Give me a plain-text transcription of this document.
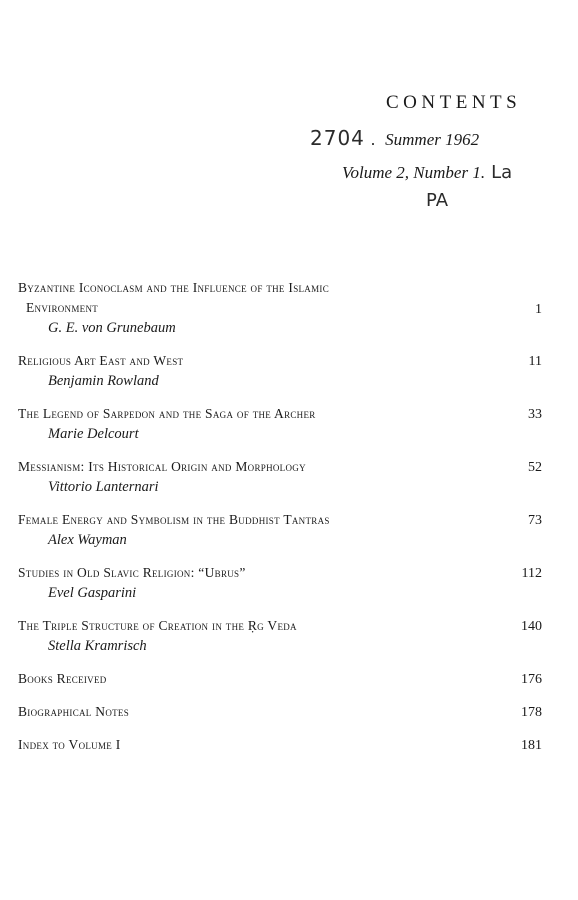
CONTENTS
2704 . Summer 1962
Volume 2, Number 1. La
PA
Byzantine Iconoclasm and the Influence of the Islamic
Environment	1
G. E. von Grunebaum
Religious Art East and West	11
Benjamin Rowland
The Legend of Sarpedon and the Saga of the Archer	33
Marie Delcourt
Messianism: Its Historical Origin and Morphology	52
Vittorio Lanternari
Female Energy and Symbolism in the Buddhist Tantras	73
Alex Wayman
Studies in Old Slavic Religion: “Ubrus”	112
Evel Gasparini
The Triple Structure of Creation in the Ṛg Veda	140
Stella Kramrisch
Books Received	176
Biographical Notes	178
Index to Volume I	181
